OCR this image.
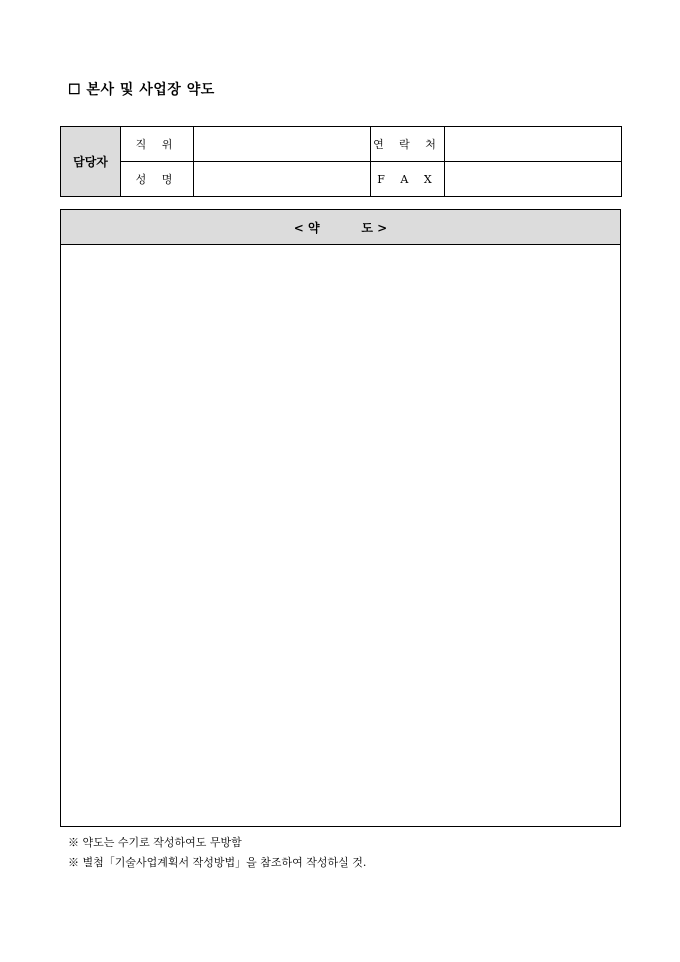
☐ 본사 및 사업장 약도
담당자	직 위		연 락 처	
	성 명		F A X	
< 약          도 >
※ 약도는 수기로 작성하여도 무방함
※ 별첨「기술사업계획서 작성방법」을 참조하여 작성하실 것.
